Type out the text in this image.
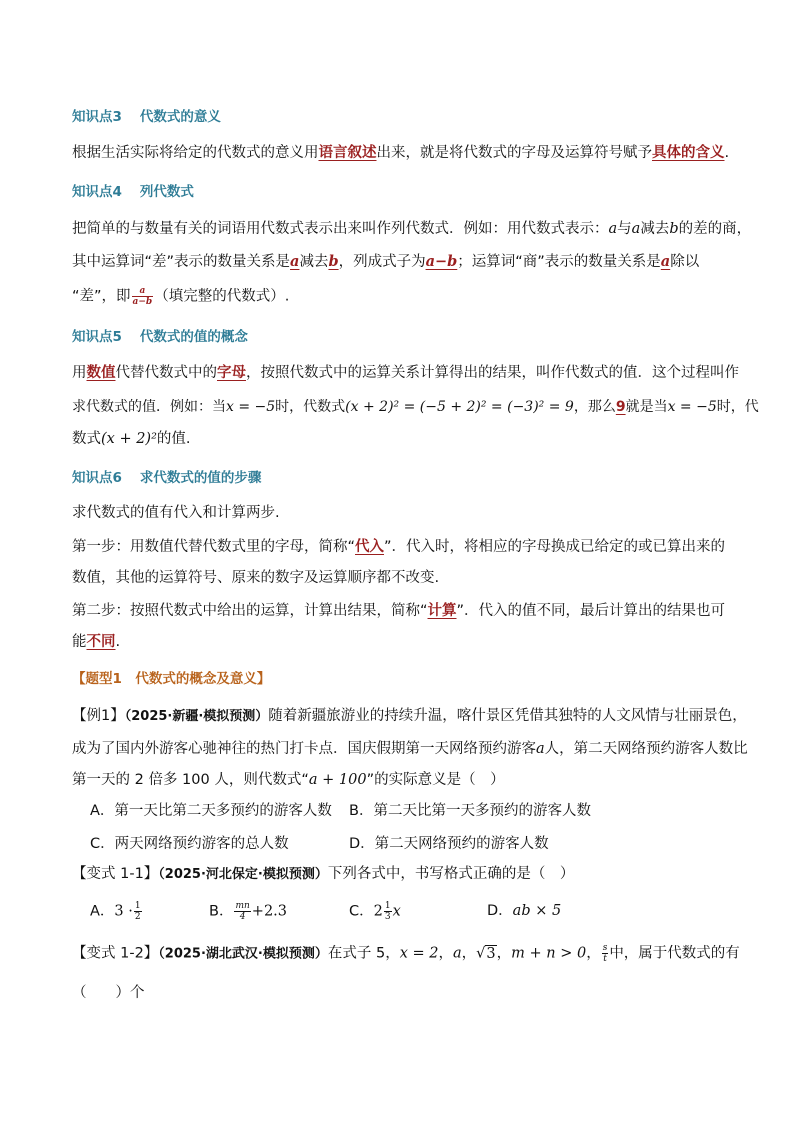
知识点3 代数式的意义
根据生活实际将给定的代数式的意义用语言叙述出来，就是将代数式的字母及运算符号赋予具体的含义.
知识点4 列代数式
把简单的与数量有关的词语用代数式表示出来叫作列代数式．例如：用代数式表示：a与a减去b的差的商，
其中运算词“差”表示的数量关系是a减去b，列成式子为a−b；运算词“商”表示的数量关系是a除以
“差”，即 $\frac{a}{a-b}$ （填完整的代数式）.
知识点5 代数式的值的概念
用数值代替代数式中的字母，按照代数式中的运算关系计算得出的结果，叫作代数式的值．这个过程叫作
求代数式的值．例如：当x = −5时，代数式(x + 2)² = (−5 + 2)² = (−3)² = 9，那么9就是当x = −5时，代
数式(x + 2)²的值.
知识点6 求代数式的值的步骤
求代数式的值有代入和计算两步.
第一步：用数值代替代数式里的字母，简称“代入”．代入时，将相应的字母换成已给定的或已算出来的
数值，其他的运算符号、原来的数字及运算顺序都不改变.
第二步：按照代数式中给出的运算，计算出结果，简称“计算”．代入的值不同，最后计算出的结果也可
能不同.
【题型1　代数式的概念及意义】
【例1】（2025·新疆·模拟预测）随着新疆旅游业的持续升温，喀什景区凭借其独特的人文风情与壮丽景色，
成为了国内外游客心驰神往的热门打卡点．国庆假期第一天网络预约游客a人，第二天网络预约游客人数比
第一天的 2 倍多 100 人，则代数式“a + 100”的实际意义是（　）
A．第一天比第二天多预约的游客人数 B．第二天比第一天多预约的游客人数
C．两天网络预约游客的总人数	D．第二天网络预约的游客人数
【变式 1-1】（2025·河北保定·模拟预测）下列各式中，书写格式正确的是（　）
A．$3 \cdot \frac{1}{2}$	B． $\frac{mn}{4} +2.3$	C．$2 \frac{1}{3}$ x	D．ab × 5
【变式 1-2】（2025·湖北武汉·模拟预测）在式子 5，x = 2，a，√3，m + n > 0， $\frac{s}{t}$ 中，属于代数式的有
（　　）个
